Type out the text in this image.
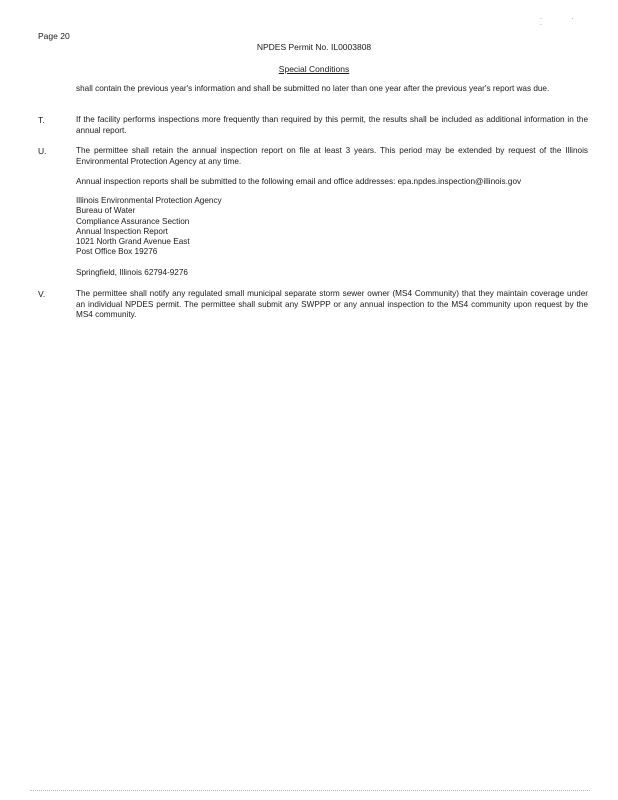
· · ·
Page 20
NPDES Permit No. IL0003808
Special Conditions
shall contain the previous year's information and shall be submitted no later than one year after the previous year's report was due.
T.	If the facility performs inspections more frequently than required by this permit, the results shall be included as additional information in the annual report.
U.	The permittee shall retain the annual inspection report on file at least 3 years. This period may be extended by request of the Illinois Environmental Protection Agency at any time.
Annual inspection reports shall be submitted to the following email and office addresses: epa.npdes.inspection@illinois.gov
Illinois Environmental Protection Agency
Bureau of Water
Compliance Assurance Section
Annual Inspection Report
1021 North Grand Avenue East
Post Office Box 19276
Springfield, Illinois 62794-9276
V.	The permittee shall notify any regulated small municipal separate storm sewer owner (MS4 Community) that they maintain coverage under an individual NPDES permit. The permittee shall submit any SWPPP or any annual inspection to the MS4 community upon request by the MS4 community.
